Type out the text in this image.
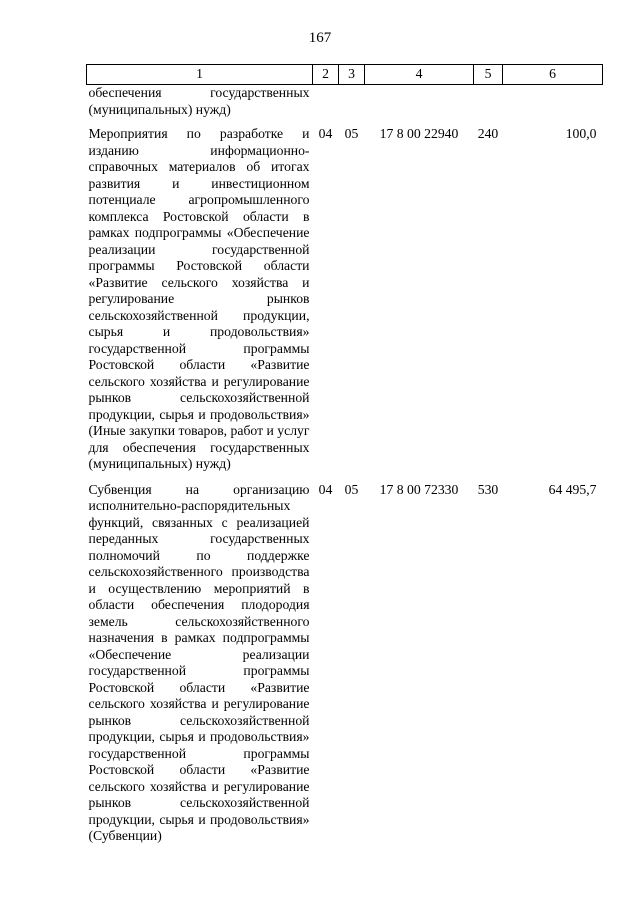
167
1	2	3	4	5	6
обеспечения государственных (муниципальных) нужд)					
Мероприятия по разработке и изданию информационно-справочных материалов об итогах развития и инвестиционном потенциале агропромышленного комплекса Ростовской области в рамках подпрограммы «Обеспечение реализации государственной программы Ростовской области «Развитие сельского хозяйства и регулирование рынков сельскохозяйственной продукции, сырья и продовольствия» государственной программы Ростовской области «Развитие сельского хозяйства и регулирование рынков сельскохозяйственной продукции, сырья и продовольствия» (Иные закупки товаров, работ и услуг для обеспечения государственных (муниципальных) нужд)	04	05	17 8 00 22940	240	100,0
Субвенция на организацию исполнительно-распорядительных функций, связанных с реализацией переданных государственных полномочий по поддержке сельскохозяйственного производства и осуществлению мероприятий в области обеспечения плодородия земель сельскохозяйственного назначения в рамках подпрограммы «Обеспечение реализации государственной программы Ростовской области «Развитие сельского хозяйства и регулирование рынков сельскохозяйственной продукции, сырья и продовольствия» государственной программы Ростовской области «Развитие сельского хозяйства и регулирование рынков сельскохозяйственной продукции, сырья и продовольствия» (Субвенции)	04	05	17 8 00 72330	530	64 495,7
